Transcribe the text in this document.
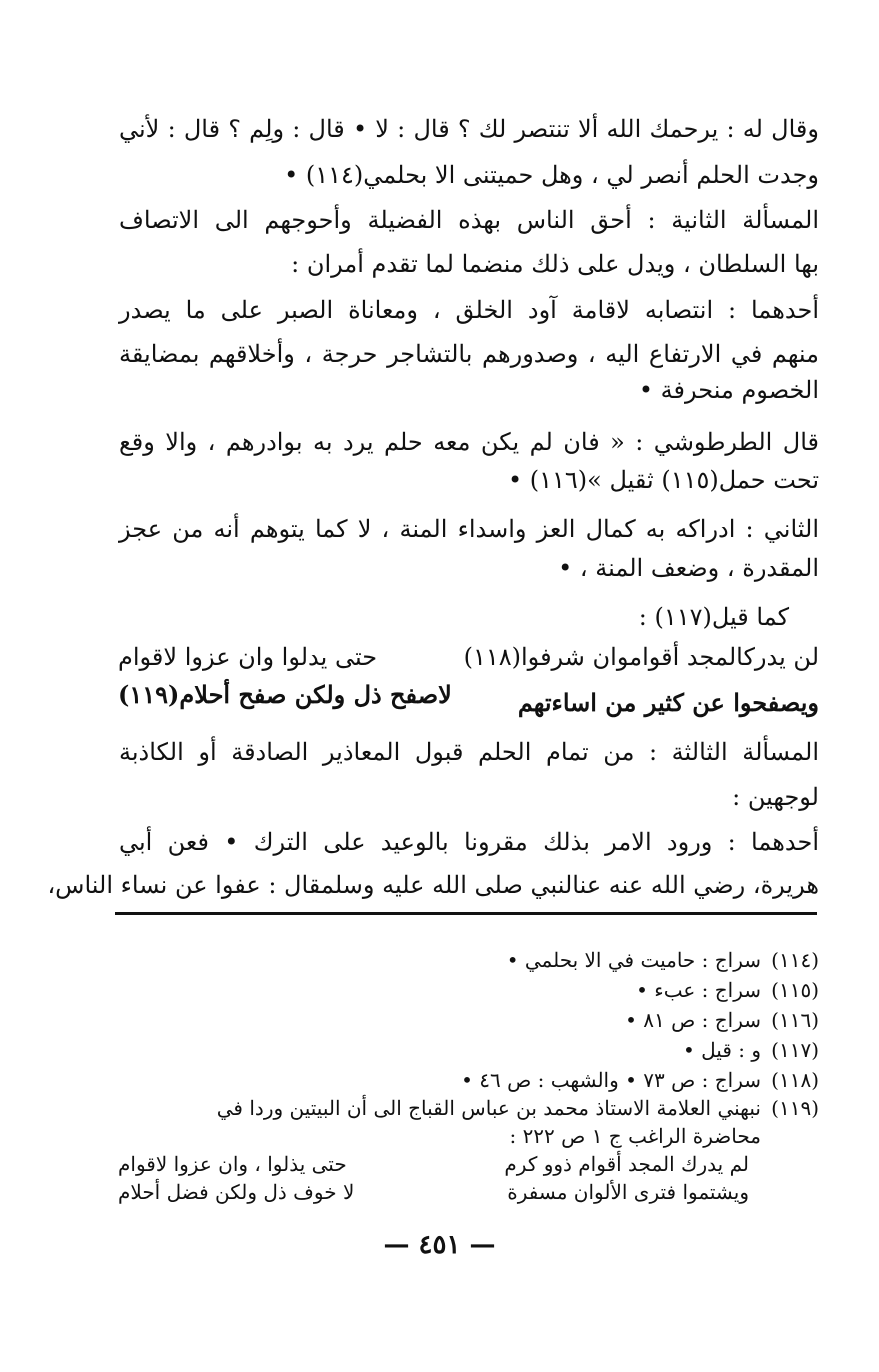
وقال له : يرحمك الله ألا تنتصر لك ؟ قال : لا • قال : ولِم ؟ قال : لأني
وجدت الحلم أنصر لي ، وهل حميتنى الا بحلمي(١١٤) •
المسألة الثانية : أحق الناس بهذه الفضيلة وأحوجهم الى الاتصاف
بها السلطان ، ويدل على ذلك منضما لما تقدم أمران :
أحدهما : انتصابه لاقامة آود الخلق ، ومعاناة الصبر على ما يصدر
منهم في الارتفاع اليه ، وصدورهم بالتشاجر حرجة ، وأخلاقهم بمضايقة
الخصوم منحرفة •
قال الطرطوشي : « فان لم يكن معه حلم يرد به بوادرهم ، والا وقع
تحت حمل(١١٥) ثقيل »(١١٦) •
الثاني : ادراكه به كمال العز واسداء المنة ، لا كما يتوهم أنه من عجز
المقدرة ، وضعف المنة ، •
كما قيل(١١٧) :
لن يدركالمجد أقواموان شرفوا(١١٨)
حتى يدلوا وان عزوا لاقوام
ويصفحوا عن كثير من اساءتهم
لاصفح ذل ولكن صفح أحلام(١١٩)
المسألة الثالثة : من تمام الحلم قبول المعاذير الصادقة أو الكاذبة
لوجهين :
أحدهما : ورود الامر بذلك مقرونا بالوعيد على الترك • فعن أبي
هريرة، رضي الله عنه عنالنبي صلى الله عليه وسلمقال : عفوا عن نساء الناس،
(١١٤)
سراج : حاميت في الا بحلمي •
(١١٥)
سراج : عبء •
(١١٦)
سراج : ص ٨١ •
(١١٧)
و : قيل •
(١١٨)
سراج : ص ٧٣ • والشهب : ص ٤٦ •
(١١٩)
نبهني العلامة الاستاذ محمد بن عباس القباج الى أن البيتين وردا في
محاضرة الراغب ج ١ ص ٢٢٢ :
لم يدرك المجد أقوام ذوو كرم
حتى يذلوا ، وان عزوا لاقوام
ويشتموا فترى الألوان مسفرة
لا خوف ذل ولكن فضل أحلام
— ٤٥١ —
